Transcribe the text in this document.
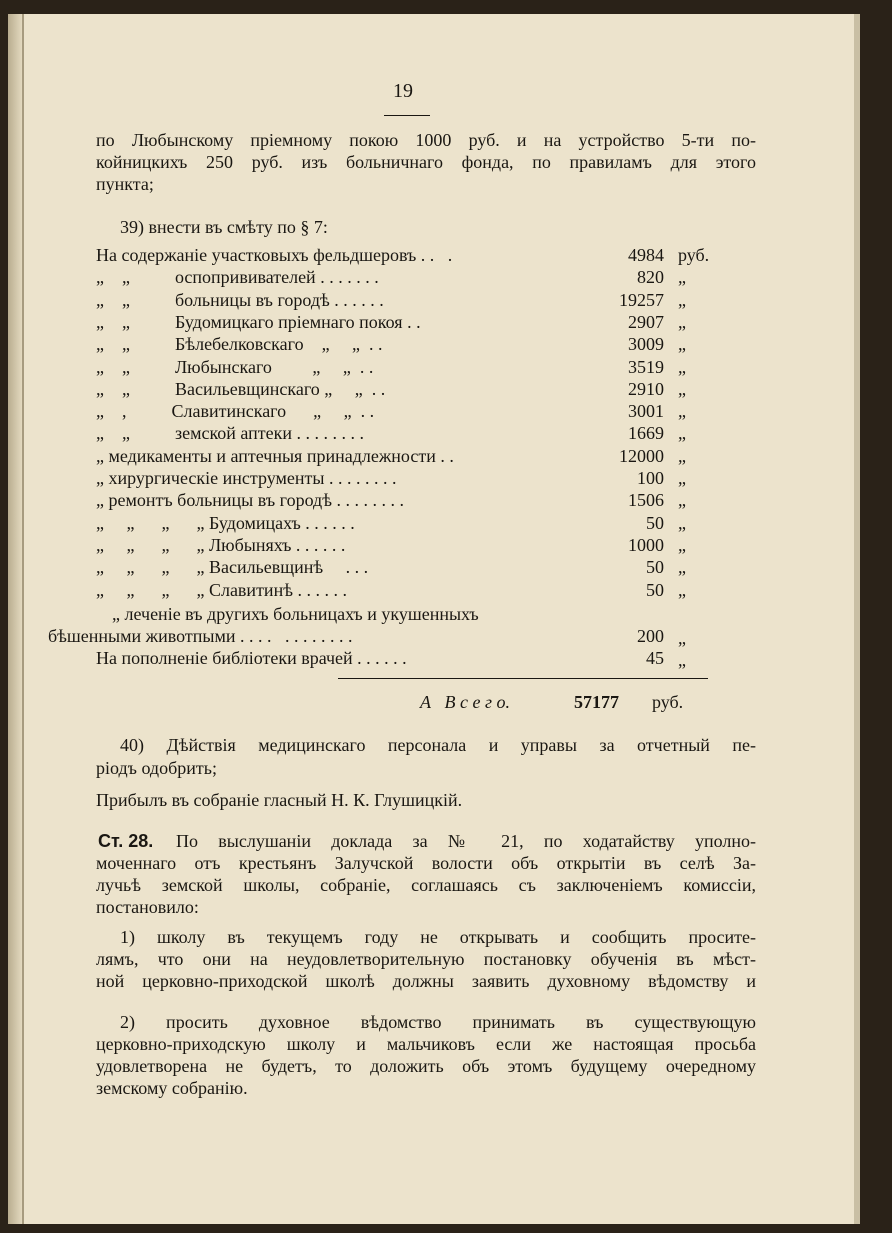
19
по Любынскому пріемному покою 1000 руб. и на устройство 5-ти по-
койницкихъ 250 руб. изъ больничнаго фонда, по правиламъ для этого
пункта;
39) внести въ смѣту по § 7:
На содержаніе участковыхъ фельдшеровъ . .   .	4984 руб.
„    „          оспопрививателей . . . . . . .	820 „
„    „          больницы въ городѣ . . . . . .	19257 „
„    „          Будомицкаго пріемнаго покоя . .	2907 „
„    „          Бѣлебелковскаго    „     „  . .	3009 „
„    „          Любынскаго         „     „  . .	3519 „
„    „          Васильевщинскаго „     „  . .	2910 „
„    ,          Славитинскаго      „     „  . .	3001 „
„    „          земской аптеки . . . . . . . .	1669 „
„ медикаменты и аптечныя принадлежности . .	12000 „
„ хирургическіе инструменты . . . . . . . .	100 „
„ ремонтъ больницы въ городѣ . . . . . . . .	1506 „
„     „      „      „ Будомицахъ . . . . . .	50 „
„     „      „      „ Любыняхъ . . . . . .	1000 „
„     „      „      „ Васильевщинѣ     . . .	50 „
„     „      „      „ Славитинѣ . . . . . .	50 „
„ леченіе въ другихъ больницахъ и укушенныхъ
бѣшенными животпыми . . . .   . . . . . . . .	200 „
На пополненіе библіотеки врачей . . . . . .	45 „
А   В с е г о.	57177 руб.
40) Дѣйствія медицинскаго персонала и управы за отчетный пе-
ріодъ одобрить;
Прибылъ въ собраніе гласный Н. К. Глушицкій.
Ст. 28. По выслушаніи доклада за № 21, по ходатайству уполно-
моченнаго отъ крестьянъ Залучской волости объ открытіи въ селѣ За-
лучьѣ земской школы, собраніе, соглашаясь съ заключеніемъ комиссіи,
постановило:
1) школу въ текущемъ году не открывать и сообщить просите-
лямъ, что они на неудовлетворительную постановку обученія въ мѣст-
ной церковно-приходской школѣ должны заявить духовному вѣдомству и
2) просить духовное вѣдомство принимать въ существующую
церковно-приходскую школу и мальчиковъ если же настоящая просьба
удовлетворена не будетъ, то доложить объ этомъ будущему очередному
земскому собранію.
